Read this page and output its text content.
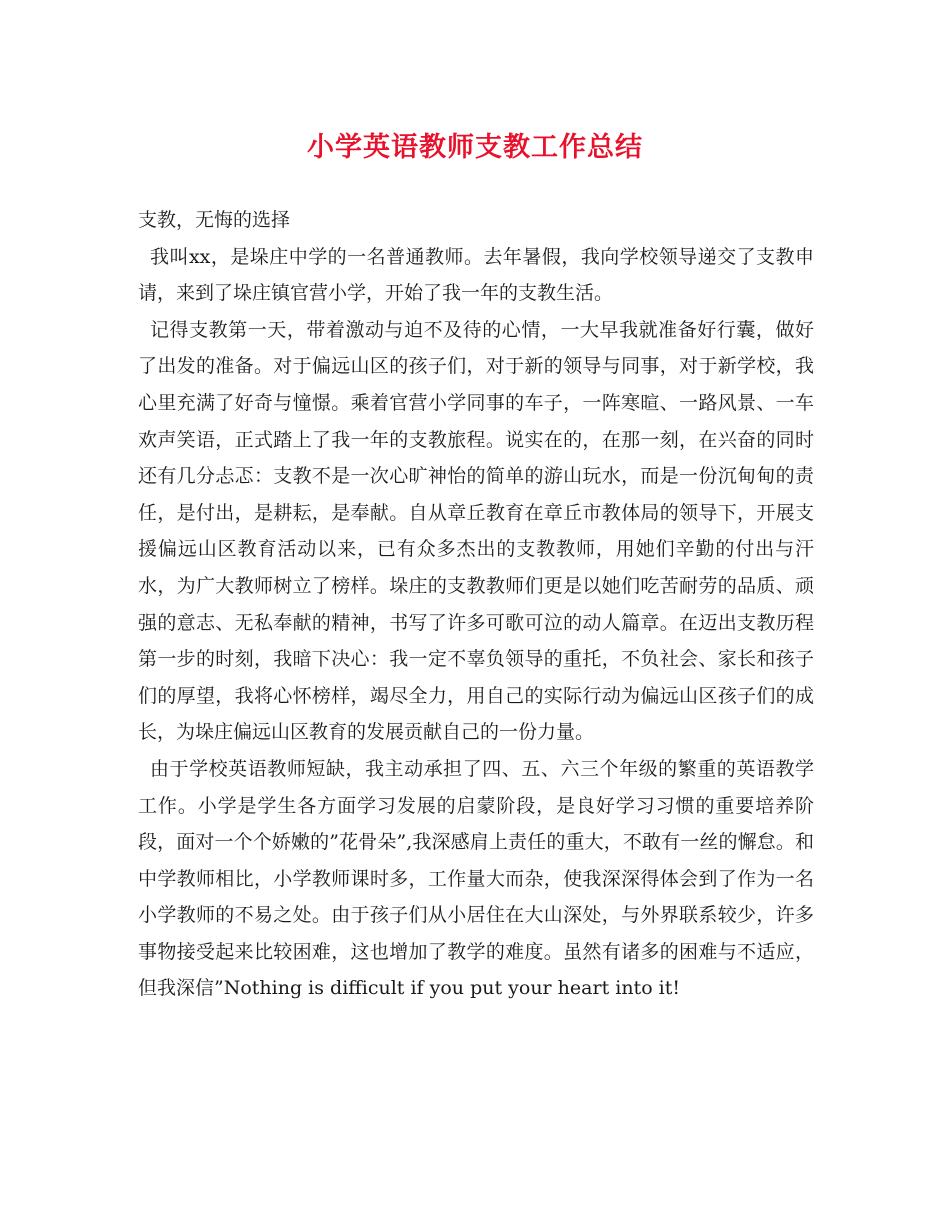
小学英语教师支教工作总结

支教，无悔的选择

我叫xx，是垛庄中学的一名普通教师。去年暑假，我向学校领导递交了支教申请，来到了垛庄镇官营小学，开始了我一年的支教生活。

记得支教第一天，带着激动与迫不及待的心情，一大早我就准备好行囊，做好了出发的准备。对于偏远山区的孩子们，对于新的领导与同事，对于新学校，我心里充满了好奇与憧憬。乘着官营小学同事的车子，一阵寒暄、一路风景、一车欢声笑语，正式踏上了我一年的支教旅程。说实在的，在那一刻，在兴奋的同时还有几分忐忑：支教不是一次心旷神怡的简单的游山玩水，而是一份沉甸甸的责任，是付出，是耕耘，是奉献。自从章丘教育在章丘市教体局的领导下，开展支援偏远山区教育活动以来，已有众多杰出的支教教师，用她们辛勤的付出与汗水，为广大教师树立了榜样。垛庄的支教教师们更是以她们吃苦耐劳的品质、顽强的意志、无私奉献的精神，书写了许多可歌可泣的动人篇章。在迈出支教历程第一步的时刻，我暗下决心：我一定不辜负领导的重托，不负社会、家长和孩子们的厚望，我将心怀榜样，竭尽全力，用自己的实际行动为偏远山区孩子们的成长，为垛庄偏远山区教育的发展贡献自己的一份力量。

由于学校英语教师短缺，我主动承担了四、五、六三个年级的繁重的英语教学工作。小学是学生各方面学习发展的启蒙阶段，是良好学习习惯的重要培养阶段，面对一个个娇嫩的”花骨朵”,我深感肩上责任的重大，不敢有一丝的懈怠。和中学教师相比，小学教师课时多，工作量大而杂，使我深深得体会到了作为一名小学教师的不易之处。由于孩子们从小居住在大山深处，与外界联系较少，许多事物接受起来比较困难，这也增加了教学的难度。虽然有诸多的困难与不适应，但我深信”Nothing is difficult if you put your heart into it!
